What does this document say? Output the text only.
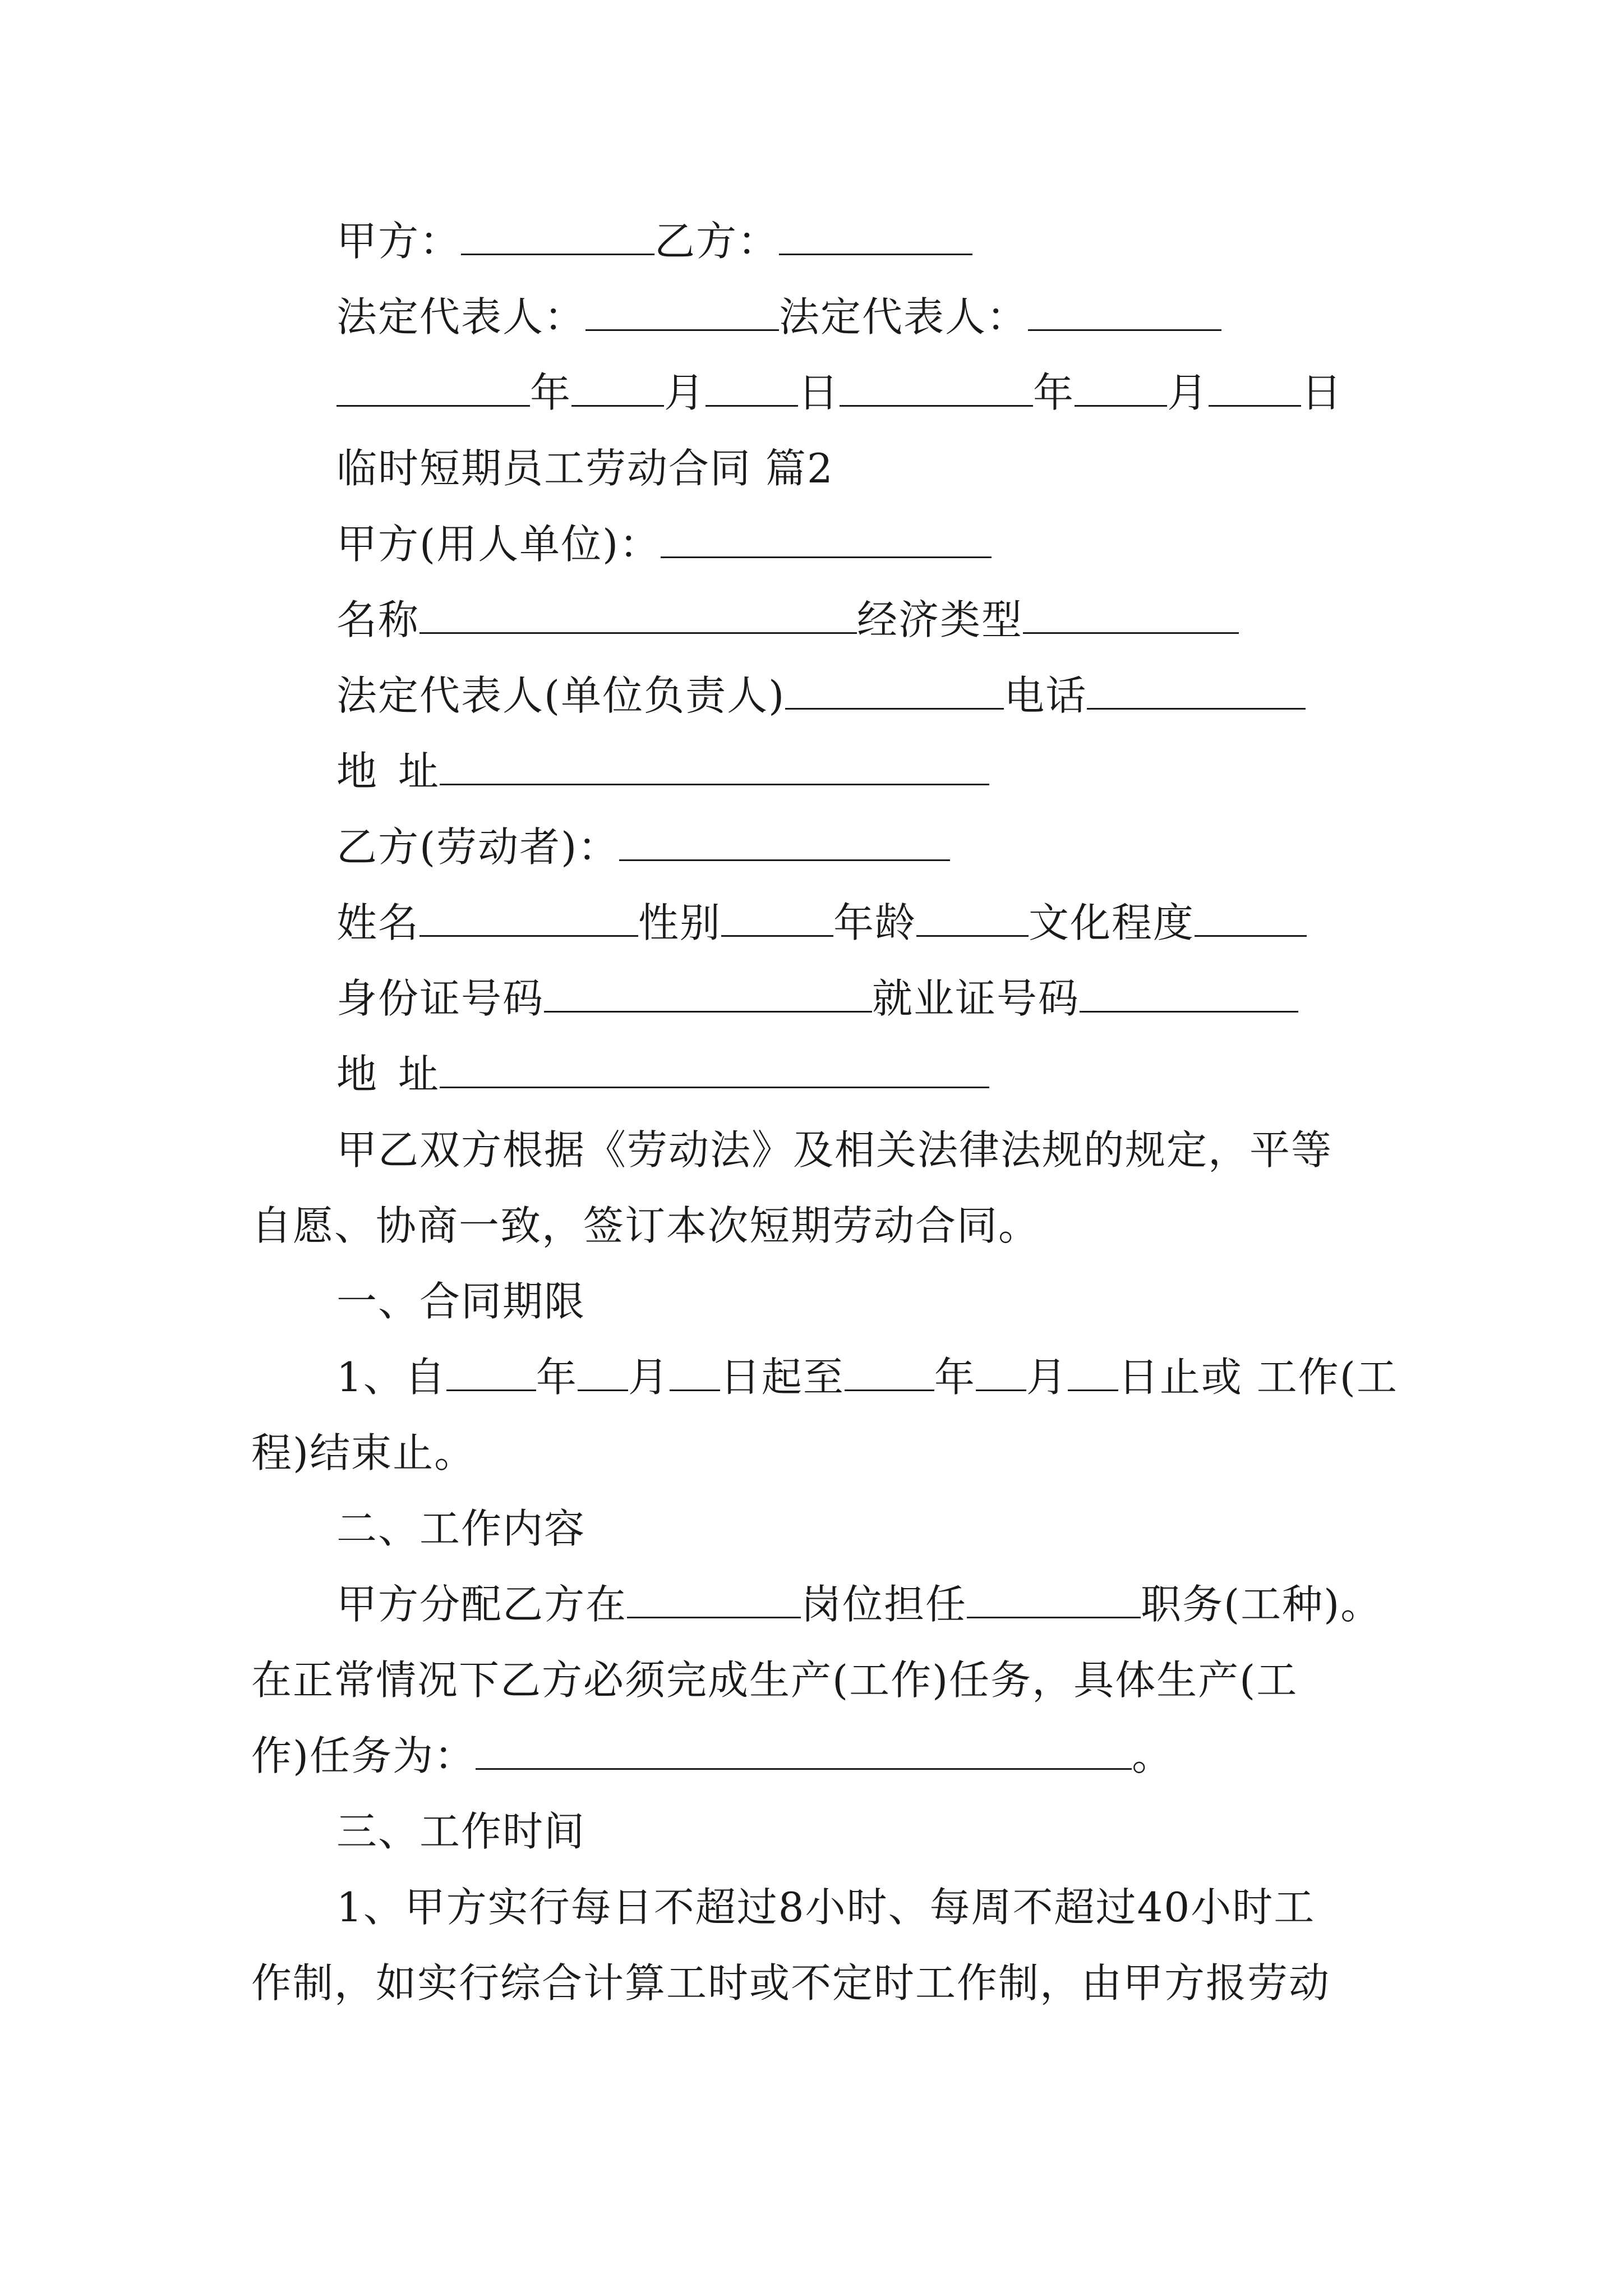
甲方：	乙方：
法定代表人：	法定代表人：
年 月 日	年 月 日
临时短期员工劳动合同 篇2
甲方(用人单位)：
名称	经济类型
法定代表人(单位负责人)	电话
地 址
乙方(劳动者)：
姓名	性别	年龄	文化程度
身份证号码	就业证号码
地 址
甲乙双方根据《劳动法》及相关法律法规的规定，平等
自愿、协商一致，签订本次短期劳动合同。
一、合同期限
1、自 年 月 日起至 年 月 日止或 工作(工
程)结束止。
二、工作内容
甲方分配乙方在	岗位担任	职务(工种)。
在正常情况下乙方必须完成生产(工作)任务，具体生产(工
作)任务为：	。
三、工作时间
1、甲方实行每日不超过8小时、每周不超过40小时工
作制，如实行综合计算工时或不定时工作制，由甲方报劳动
